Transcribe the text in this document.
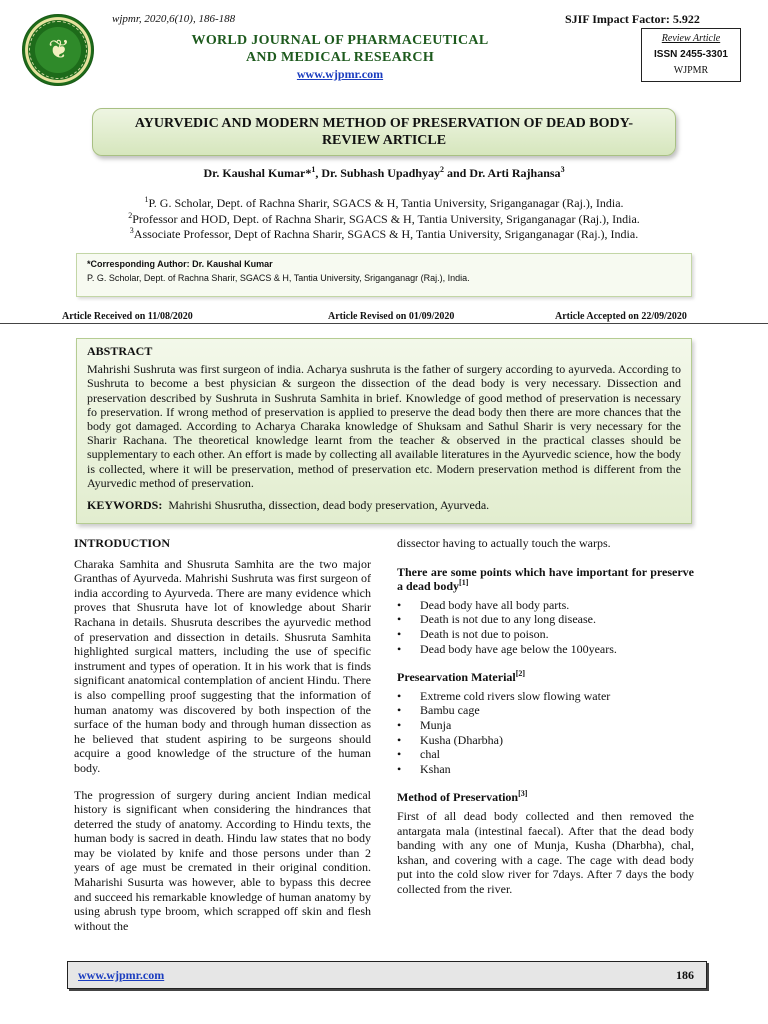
❦
wjpmr, 2020,6(10), 186-188
WORLD JOURNAL OF PHARMACEUTICAL
AND MEDICAL RESEARCH
www.wjpmr.com
SJIF Impact Factor: 5.922
Review Article
ISSN 2455-3301
WJPMR
AYURVEDIC AND MODERN METHOD OF PRESERVATION OF DEAD BODY-
REVIEW ARTICLE
Dr. Kaushal Kumar*$^1$, Dr. Subhash Upadhyay$^2$ and Dr. Arti Rajhansa$^3$
$^1$P. G. Scholar, Dept. of Rachna Sharir, SGACS & H, Tantia University, Sriganganagar (Raj.), India.
$^2$Professor and HOD, Dept. of Rachna Sharir, SGACS & H, Tantia University, Sriganganagar (Raj.), India.
$^3$Associate Professor, Dept of Rachna Sharir, SGACS & H, Tantia University, Sriganganagar (Raj.), India.
*Corresponding Author: Dr. Kaushal Kumar
P. G. Scholar, Dept. of Rachna Sharir, SGACS & H, Tantia University, Sriganganagr (Raj.), India.
Article Received on 11/08/2020	Article Revised on 01/09/2020	Article Accepted on 22/09/2020
ABSTRACT
Mahrishi Sushruta was first surgeon of india. Acharya sushruta is the father of surgery according to ayurveda. According to Sushruta to become a best physician & surgeon the dissection of the dead body is very necessary. Dissection and preservation described by Sushruta in Sushruta Samhita in brief. Knowledge of good method of preservation is necessary fo preservation. If wrong method of preservation is applied to preserve the dead body then there are more chances that the body got damaged. According to Acharya Charaka knowledge of Shuksam and Sathul Sharir is very necessary for the Sharir Rachana. The theoretical knowledge learnt from the teacher & observed in the practical classes should be supplementary to each other. An effort is made by collecting all available literatures in the Ayurvedic science, how the body is collected, where it will be preservation, method of preservation etc. Modern preservation method is different from the Ayurvedic method of preservation.
KEYWORDS: Mahrishi Shusrutha, dissection, dead body preservation, Ayurveda.
INTRODUCTION

Charaka Samhita and Shusruta Samhita are the two major Granthas of Ayurveda. Mahrishi Sushruta was first surgeon of india according to Ayurveda. There are many evidence which proves that Shusruta have lot of knowledge about Sharir Rachana in details. Shusruta describes the ayurvedic method of preservation and dissection in details. Shusruta Samhita highlighted surgical matters, including the use of specific instrument and types of operation. It in his work that is finds significant anatomical contemplation of ancient Hindu. There is also compelling proof suggesting that the information of human anatomy was discovered by both inspection of the surface of the human body and through human dissection as he believed that student aspiring to be surgeons should acquire a good knowledge of the structure of the human body.

The progression of surgery during ancient Indian medical history is significant when considering the hindrances that deterred the study of anatomy. According to Hindu texts, the human body is sacred in death. Hindu law states that no body may be violated by knife and those persons under than 2 years of age must be cremated in their original condition. Maharishi Susurta was however, able to bypass this decree and succeed his remarkable knowledge of human anatomy by using abrush type broom, which scrapped off skin and flesh without the

dissector having to actually touch the warps.

There are some points which have important for preserve a dead body[1]
• Dead body have all body parts.
• Death is not due to any long disease.
• Death is not due to poison.
• Dead body have age below the 100years.
Presearvation Material[2]
• Extreme cold rivers slow flowing water
• Bambu cage
• Munja
• Kusha (Dharbha)
• chal
• Kshan
Method of Preservation[3]

First of all dead body collected and then removed the antargata mala (intestinal faecal). After that the dead body banding with any one of Munja, Kusha (Dharbha), chal, kshan, and covering with a cage. The cage with dead body put into the cold slow river for 7days. After 7 days the body collected from the river.

www.wjpmr.com	186
